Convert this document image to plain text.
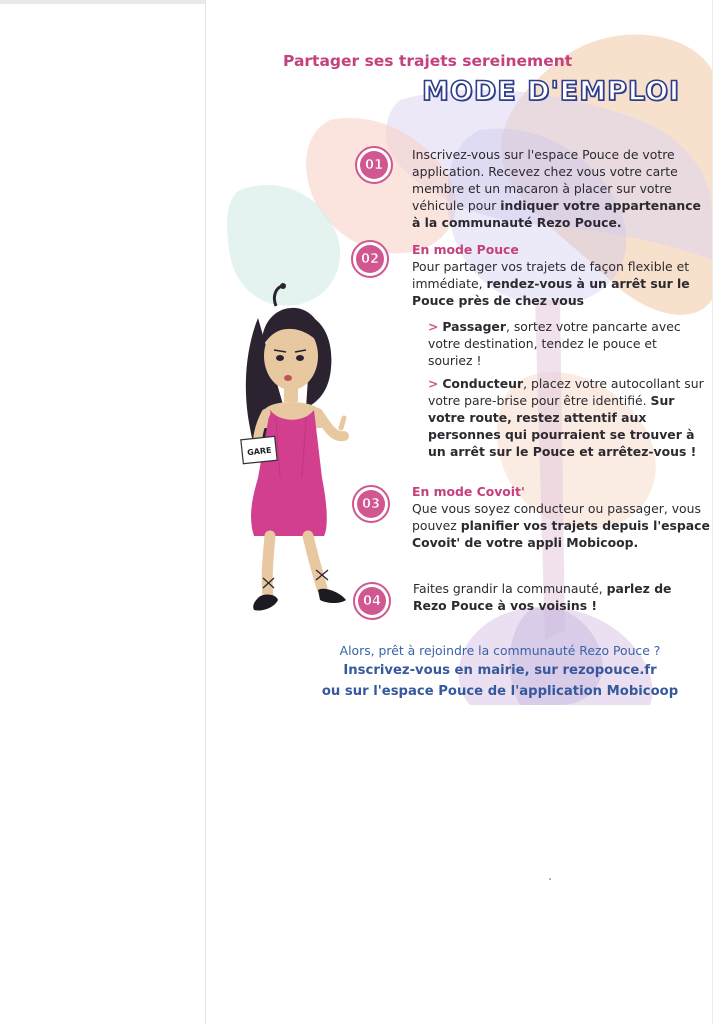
Partager ses trajets sereinement

MODE D'EMPLOI
01
02
03
04

Inscrivez-vous sur l'espace Pouce de votre application. Recevez chez vous votre carte membre et un macaron à placer sur votre véhicule pour indiquer votre appartenance à la communauté Rezo Pouce.

En mode Pouce

Pour partager vos trajets de façon flexible et immédiate, rendez-vous à un arrêt sur le Pouce près de chez vous

> Passager, sortez votre pancarte avec votre destination, tendez le pouce et souriez !

> Conducteur, placez votre autocollant sur votre pare-brise pour être identifié. Sur votre route, restez attentif aux personnes qui pourraient se trouver à un arrêt sur le Pouce et arrêtez-vous !

En mode Covoit'

Que vous soyez conducteur ou passager, vous pouvez planifier vos trajets depuis l'espace Covoit' de votre appli Mobicoop.

Faites grandir la communauté, parlez de Rezo Pouce à vos voisins !

Alors, prêt à rejoindre la communauté Rezo Pouce ?

Inscrivez-vous en mairie, sur rezopouce.fr

ou sur l'espace Pouce de l'application Mobicoop

GARE
